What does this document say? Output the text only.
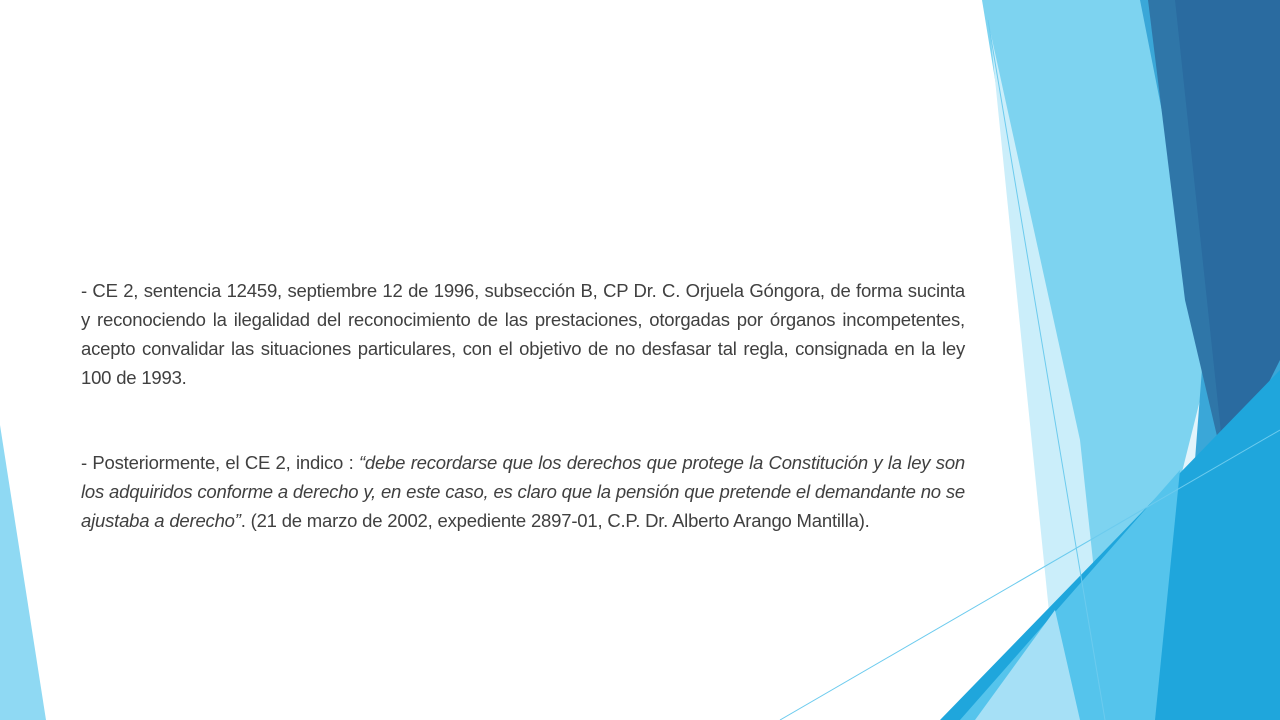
- CE 2, sentencia 12459, septiembre 12 de 1996, subsección B, CP Dr. C. Orjuela Góngora, de forma sucinta y reconociendo la ilegalidad del reconocimiento de las prestaciones, otorgadas por órganos incompetentes, acepto convalidar las situaciones particulares, con el objetivo de no desfasar tal regla, consignada en la ley 100 de 1993.

- Posteriormente, el CE 2, indico : “debe recordarse que los derechos que protege la Constitución y la ley son los adquiridos conforme a derecho y, en este caso, es claro que la pensión que pretende el demandante no se ajustaba a derecho”. (21 de marzo de 2002, expediente 2897-01, C.P. Dr. Alberto Arango Mantilla).
